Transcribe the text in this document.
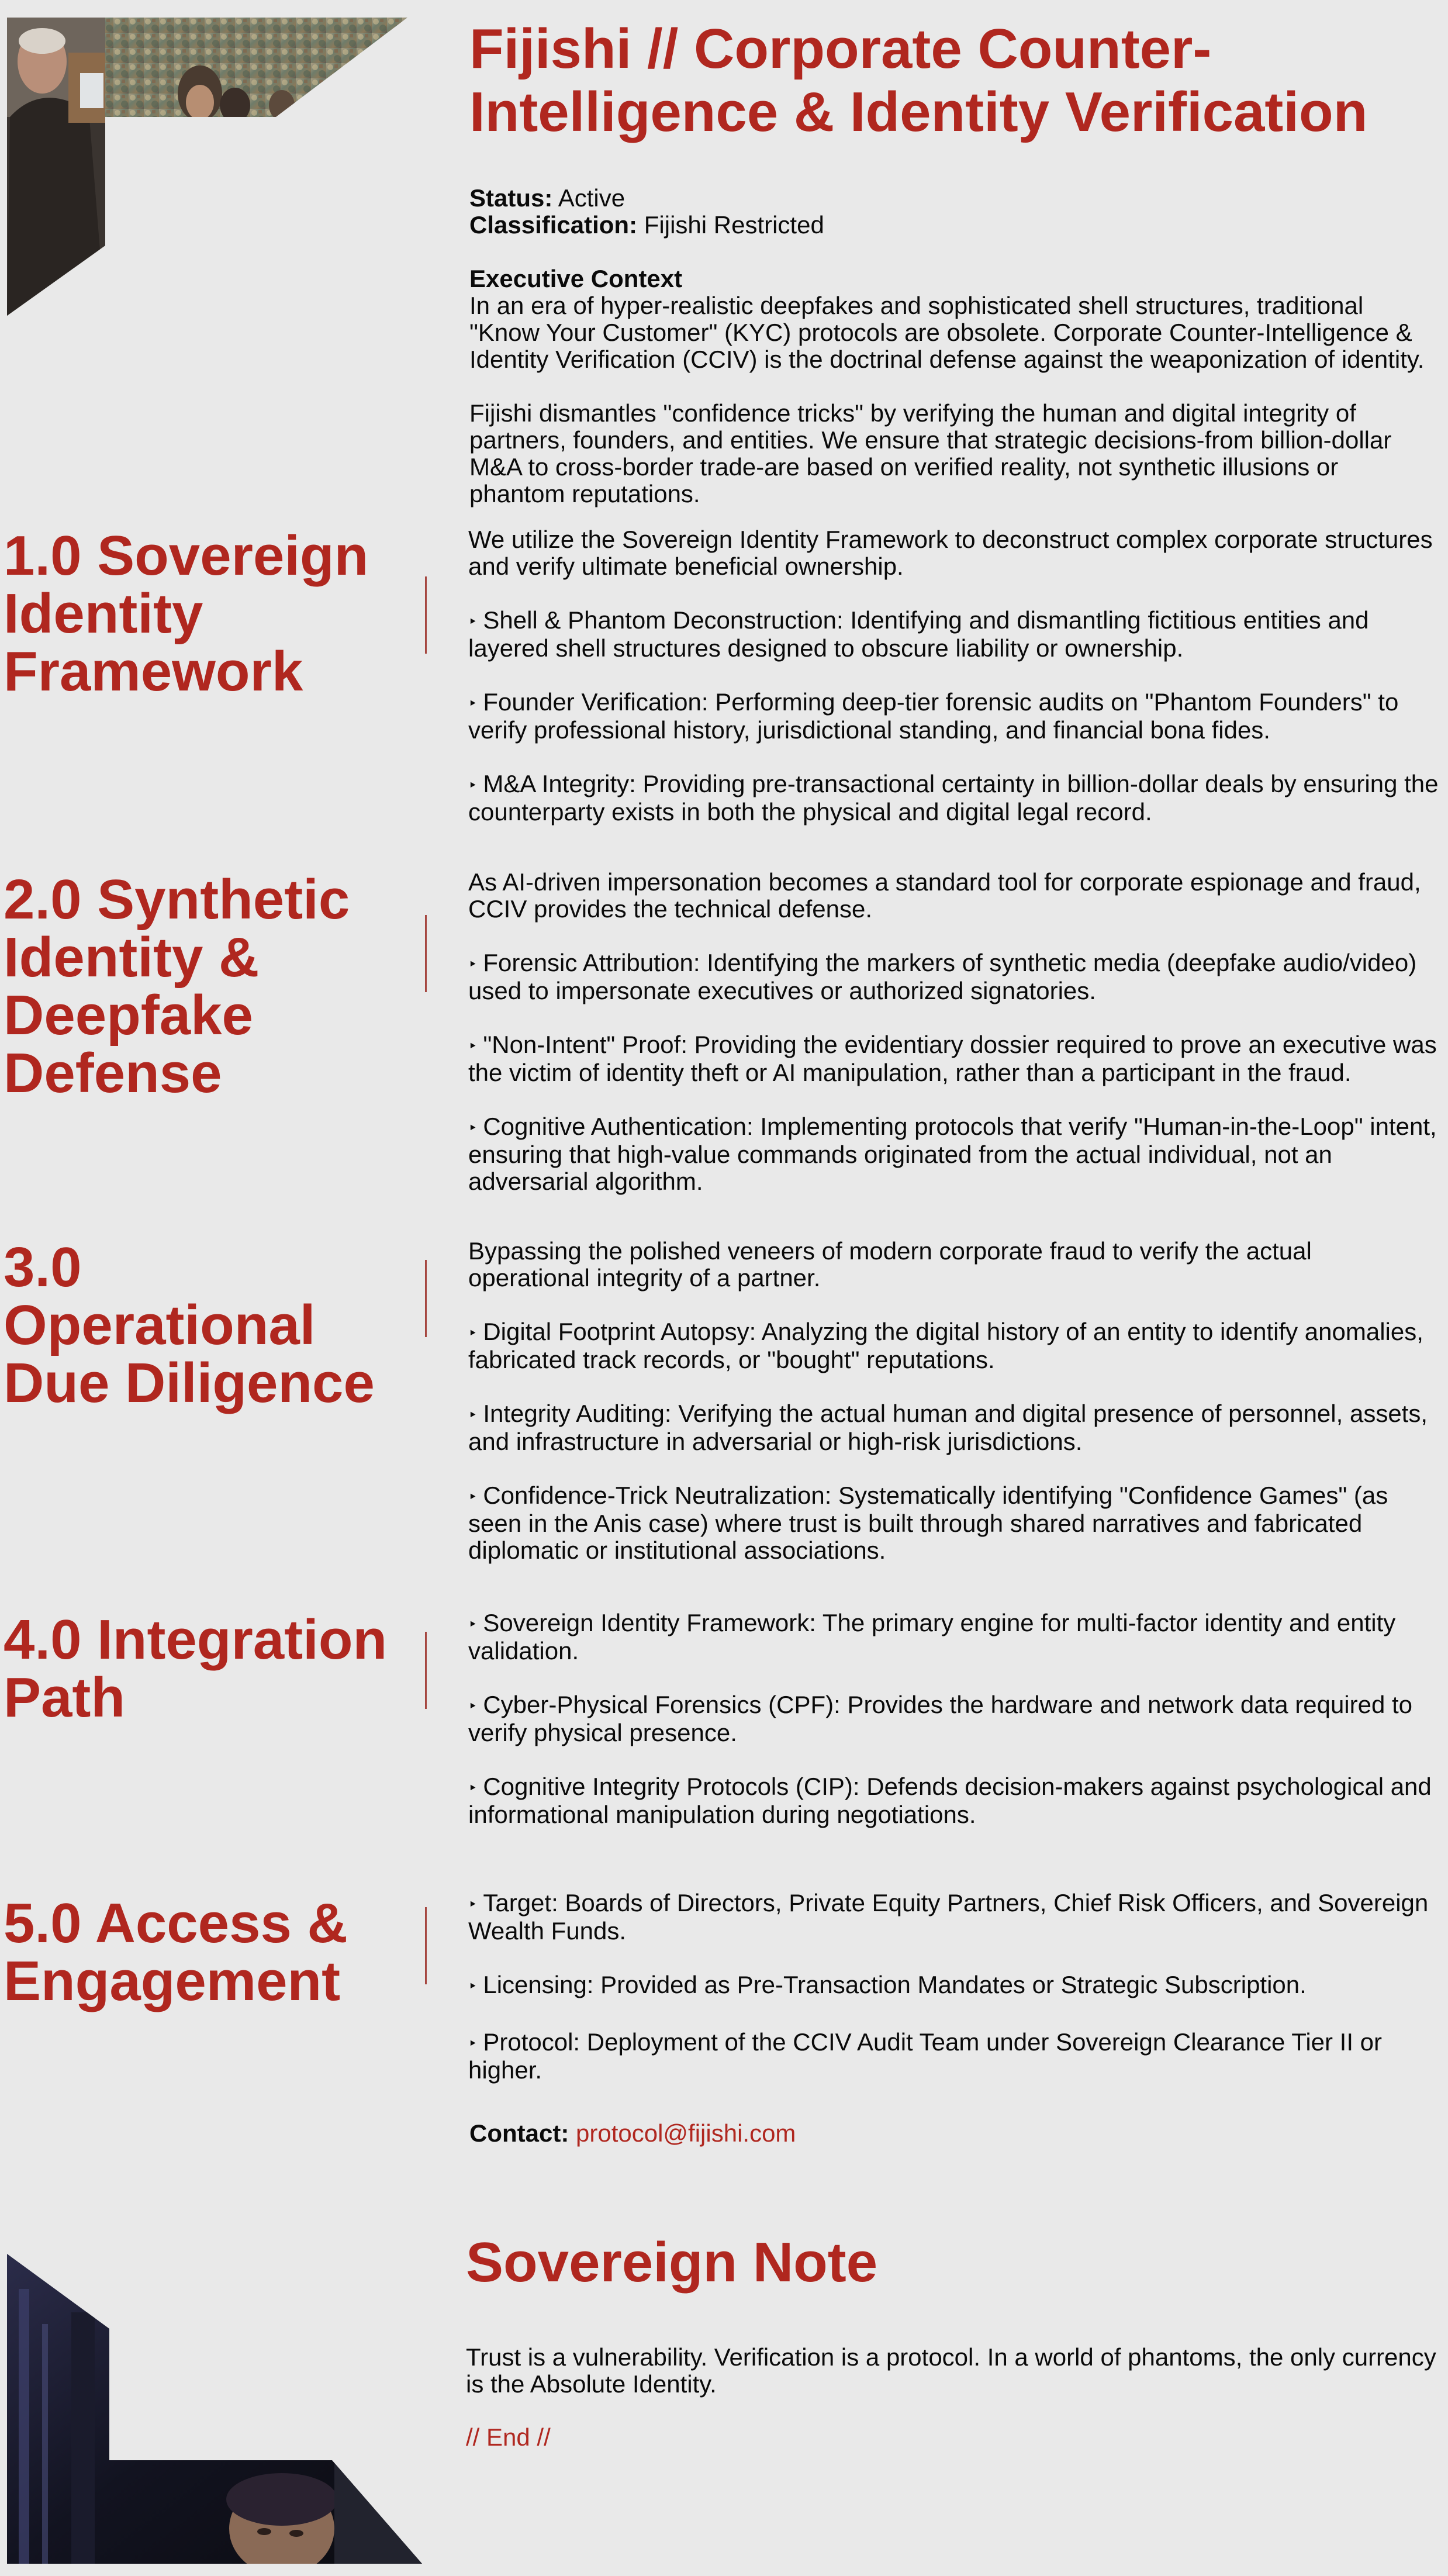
Fijishi // Corporate Counter-Intelligence & Identity Verification

Status: Active

Classification: Fijishi Restricted

Executive Context

In an era of hyper-realistic deepfakes and sophisticated shell structures, traditional "Know Your Customer" (KYC) protocols are obsolete. Corporate Counter-Intelligence & Identity Verification (CCIV) is the doctrinal defense against the weaponization of identity.

Fijishi dismantles "confidence tricks" by verifying the human and digital integrity of partners, founders, and entities. We ensure that strategic decisions-from billion-dollar M&A to cross-border trade-are based on verified reality, not synthetic illusions or phantom reputations.

1.0 Sovereign Identity Framework

We utilize the Sovereign Identity Framework to deconstruct complex corporate structures and verify ultimate beneficial ownership.

‣ Shell & Phantom Deconstruction: Identifying and dismantling fictitious entities and layered shell structures designed to obscure liability or ownership.

‣ Founder Verification: Performing deep-tier forensic audits on "Phantom Founders" to verify professional history, jurisdictional standing, and financial bona fides.

‣ M&A Integrity: Providing pre-transactional certainty in billion-dollar deals by ensuring the counterparty exists in both the physical and digital legal record.

2.0 Synthetic Identity & Deepfake Defense

As AI-driven impersonation becomes a standard tool for corporate espionage and fraud, CCIV provides the technical defense.

‣ Forensic Attribution: Identifying the markers of synthetic media (deepfake audio/video) used to impersonate executives or authorized signatories.

‣ "Non-Intent" Proof: Providing the evidentiary dossier required to prove an executive was the victim of identity theft or AI manipulation, rather than a participant in the fraud.

‣ Cognitive Authentication: Implementing protocols that verify "Human-in-the-Loop" intent, ensuring that high-value commands originated from the actual individual, not an adversarial algorithm.

3.0 Operational Due Diligence

Bypassing the polished veneers of modern corporate fraud to verify the actual operational integrity of a partner.

‣ Digital Footprint Autopsy: Analyzing the digital history of an entity to identify anomalies, fabricated track records, or "bought" reputations.

‣ Integrity Auditing: Verifying the actual human and digital presence of personnel, assets, and infrastructure in adversarial or high-risk jurisdictions.

‣ Confidence-Trick Neutralization: Systematically identifying "Confidence Games" (as seen in the Anis case) where trust is built through shared narratives and fabricated diplomatic or institutional associations.

4.0 Integration Path

‣ Sovereign Identity Framework: The primary engine for multi-factor identity and entity validation.

‣ Cyber-Physical Forensics (CPF): Provides the hardware and network data required to verify physical presence.

‣ Cognitive Integrity Protocols (CIP): Defends decision-makers against psychological and informational manipulation during negotiations.

5.0 Access & Engagement

‣ Target: Boards of Directors, Private Equity Partners, Chief Risk Officers, and Sovereign Wealth Funds.

‣ Licensing: Provided as Pre-Transaction Mandates or Strategic Subscription.

‣ Protocol: Deployment of the CCIV Audit Team under Sovereign Clearance Tier II or higher.

Contact: protocol@fijishi.com
Sovereign Note

Trust is a vulnerability. Verification is a protocol. In a world of phantoms, the only currency is the Absolute Identity.

// End //
